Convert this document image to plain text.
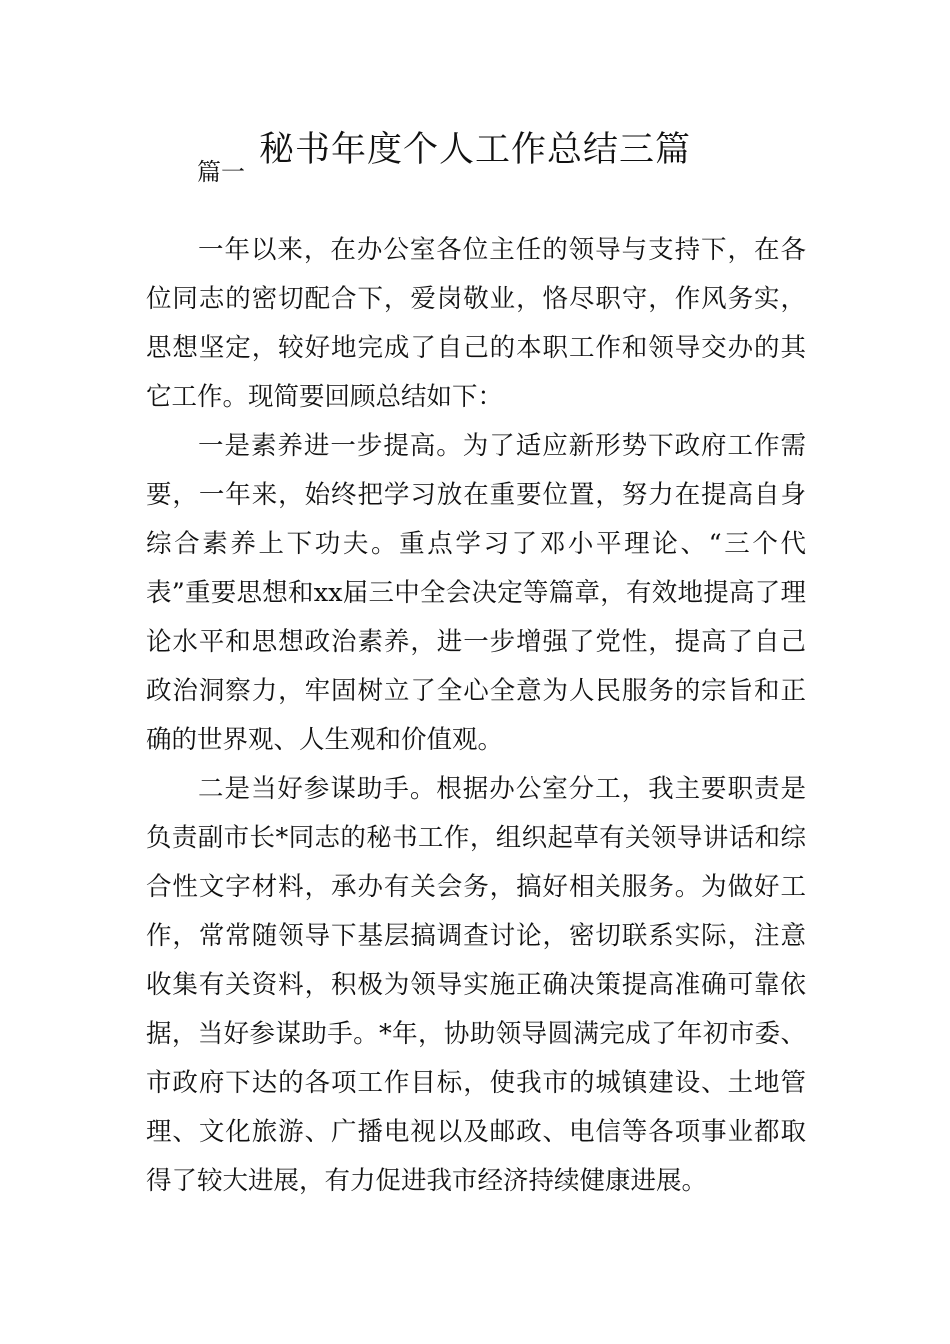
秘书年度个人工作总结三篇

篇一

一年以来，在办公室各位主任的领导与支持下，在各位同志的密切配合下，爱岗敬业，恪尽职守，作风务实，思想坚定，较好地完成了自己的本职工作和领导交办的其它工作。现简要回顾总结如下：

一是素养进一步提高。为了适应新形势下政府工作需要，一年来，始终把学习放在重要位置，努力在提高自身综合素养上下功夫。重点学习了邓小平理论、“三个代表”重要思想和xx届三中全会决定等篇章，有效地提高了理论水平和思想政治素养，进一步增强了党性，提高了自己政治洞察力，牢固树立了全心全意为人民服务的宗旨和正确的世界观、人生观和价值观。

二是当好参谋助手。根据办公室分工，我主要职责是负责副市长*同志的秘书工作，组织起草有关领导讲话和综合性文字材料，承办有关会务，搞好相关服务。为做好工作，常常随领导下基层搞调查讨论，密切联系实际，注意收集有关资料，积极为领导实施正确决策提高准确可靠依据，当好参谋助手。*年，协助领导圆满完成了年初市委、市政府下达的各项工作目标，使我市的城镇建设、土地管理、文化旅游、广播电视以及邮政、电信等各项事业都取得了较大进展，有力促进我市经济持续健康进展。
